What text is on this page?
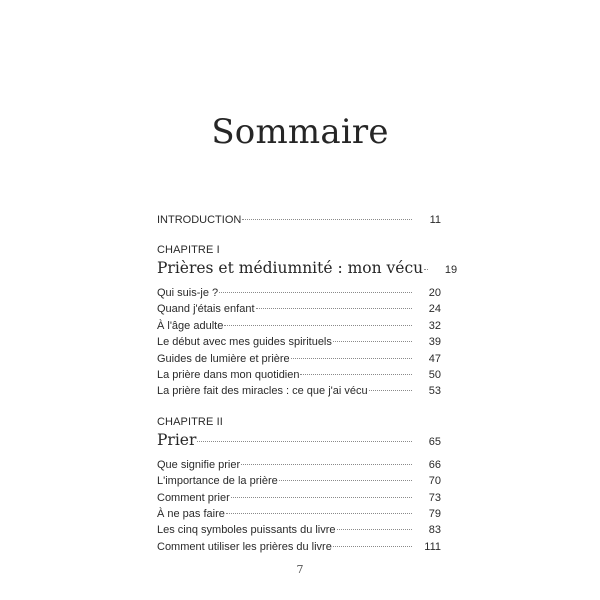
Sommaire
INTRODUCTION	11
CHAPITRE I
Prières et médiumnité : mon vécu	19
Qui suis-je ?	20
Quand j'étais enfant	24
À l'âge adulte	32
Le début avec mes guides spirituels	39
Guides de lumière et prière	47
La prière dans mon quotidien	50
La prière fait des miracles : ce que j'ai vécu	53
CHAPITRE II
Prier	65
Que signifie prier	66
L'importance de la prière	70
Comment prier	73
À ne pas faire	79
Les cinq symboles puissants du livre	83
Comment utiliser les prières du livre	111
7
